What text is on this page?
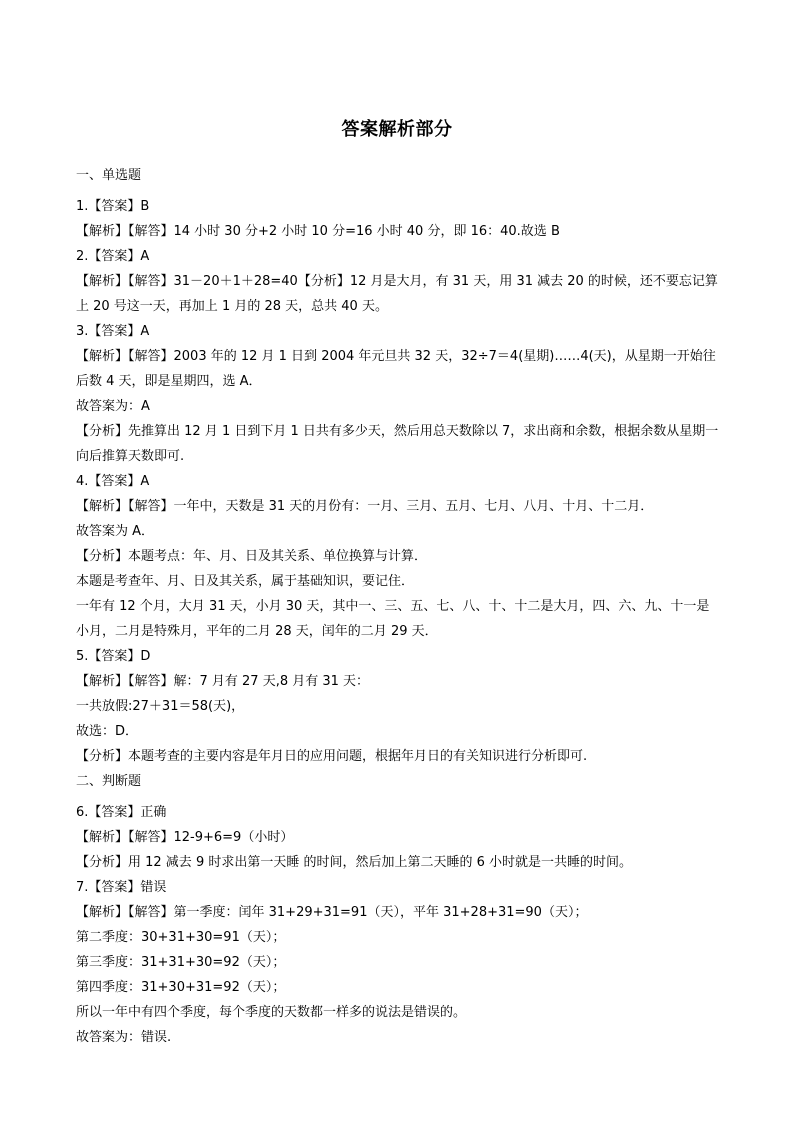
答案解析部分
一、单选题
1.【答案】B
【解析】【解答】14 小时 30 分+2 小时 10 分=16 小时 40 分，即 16：40.故选 B
2.【答案】A
【解析】【解答】31－20＋1＋28=40【分析】12 月是大月，有 31 天，用 31 减去 20 的时候，还不要忘记算上 20 号这一天，再加上 1 月的 28 天，总共 40 天。
3.【答案】A
【解析】【解答】2003 年的 12 月 1 日到 2004 年元旦共 32 天，32÷7＝4(星期)……4(天)，从星期一开始往后数 4 天，即是星期四，选 A．
故答案为：A
【分析】先推算出 12 月 1 日到下月 1 日共有多少天，然后用总天数除以 7，求出商和余数，根据余数从星期一向后推算天数即可.
4.【答案】A
【解析】【解答】一年中，天数是 31 天的月份有：一月、三月、五月、七月、八月、十月、十二月．
故答案为 A．
【分析】本题考点：年、月、日及其关系、单位换算与计算．
本题是考查年、月、日及其关系，属于基础知识，要记住．
一年有 12 个月，大月 31 天，小月 30 天，其中一、三、五、七、八、十、十二是大月，四、六、九、十一是小月，二月是特殊月，平年的二月 28 天，闰年的二月 29 天．
5.【答案】D
【解析】【解答】解：7 月有 27 天,8 月有 31 天：
一共放假:27＋31＝58(天)，
故选：D．
【分析】本题考查的主要内容是年月日的应用问题，根据年月日的有关知识进行分析即可.
二、判断题
6.【答案】正确
【解析】【解答】12-9+6=9（小时）
【分析】用 12 减去 9 时求出第一天睡 的时间，然后加上第二天睡的 6 小时就是一共睡的时间。
7.【答案】错误
【解析】【解答】第一季度：闰年 31+29+31=91（天），平年 31+28+31=90（天）；
第二季度：30+31+30=91（天）；
第三季度：31+31+30=92（天）；
第四季度：31+30+31=92（天）；
所以一年中有四个季度，每个季度的天数都一样多的说法是错误的。
故答案为：错误.
